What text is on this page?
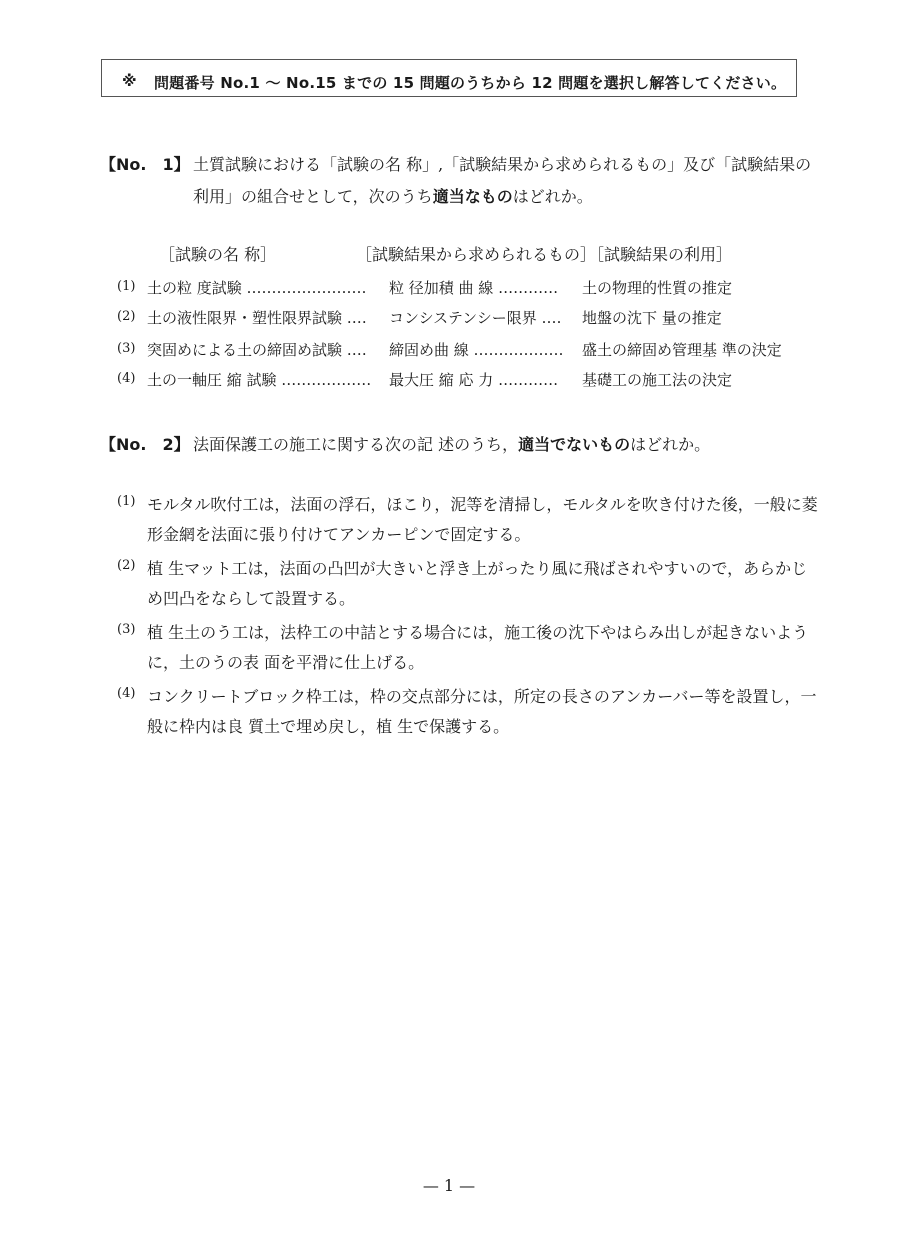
※ 問題番号 No.1 ～ No.15 までの 15 問題のうちから 12 問題を選択し解答してください。
【No.　1】 土質試験における「試験の名 称」,「試験結果から求められるもの」及び「試験結果の
利用」の組合せとして，次のうち適当なものはどれか。
［試験の名 称］	［試験結果から求められるもの］
［試験結果の利用］
(1) 土の粒 度試験 …………………… 粒 径加積 曲 線 ………… 土の物理的性質の推定
(2) 土の液性限界・塑性限界試験 ‥‥ コンシステンシー限界 ‥‥ 地盤の沈下 量の推定
(3) 突固めによる土の締固め試験 ‥‥ 締固め曲 線 ……………… 盛土の締固め管理基 準の決定
(4) 土の一軸圧 縮 試験 ……………… 最大圧 縮 応 力 ………… 基礎工の施工法の決定
【No.　2】 法面保護工の施工に関する次の記 述のうち，適当でないものはどれか。
(1) モルタル吹付工は，法面の浮石，ほこり，泥等を清掃し，モルタルを吹き付けた後，一般に菱
形金網を法面に張り付けてアンカーピンで固定する。
(2) 植 生マット工は，法面の凸凹が大きいと浮き上がったり風に飛ばされやすいので，あらかじ
め凹凸をならして設置する。
(3) 植 生土のう工は，法枠工の中詰とする場合には，施工後の沈下やはらみ出しが起きないよう
に，土のうの表 面を平滑に仕上げる。
(4) コンクリートブロック枠工は，枠の交点部分には，所定の長さのアンカーバー等を設置し，一
般に枠内は良 質土で埋め戻し，植 生で保護する。
— 1 —
